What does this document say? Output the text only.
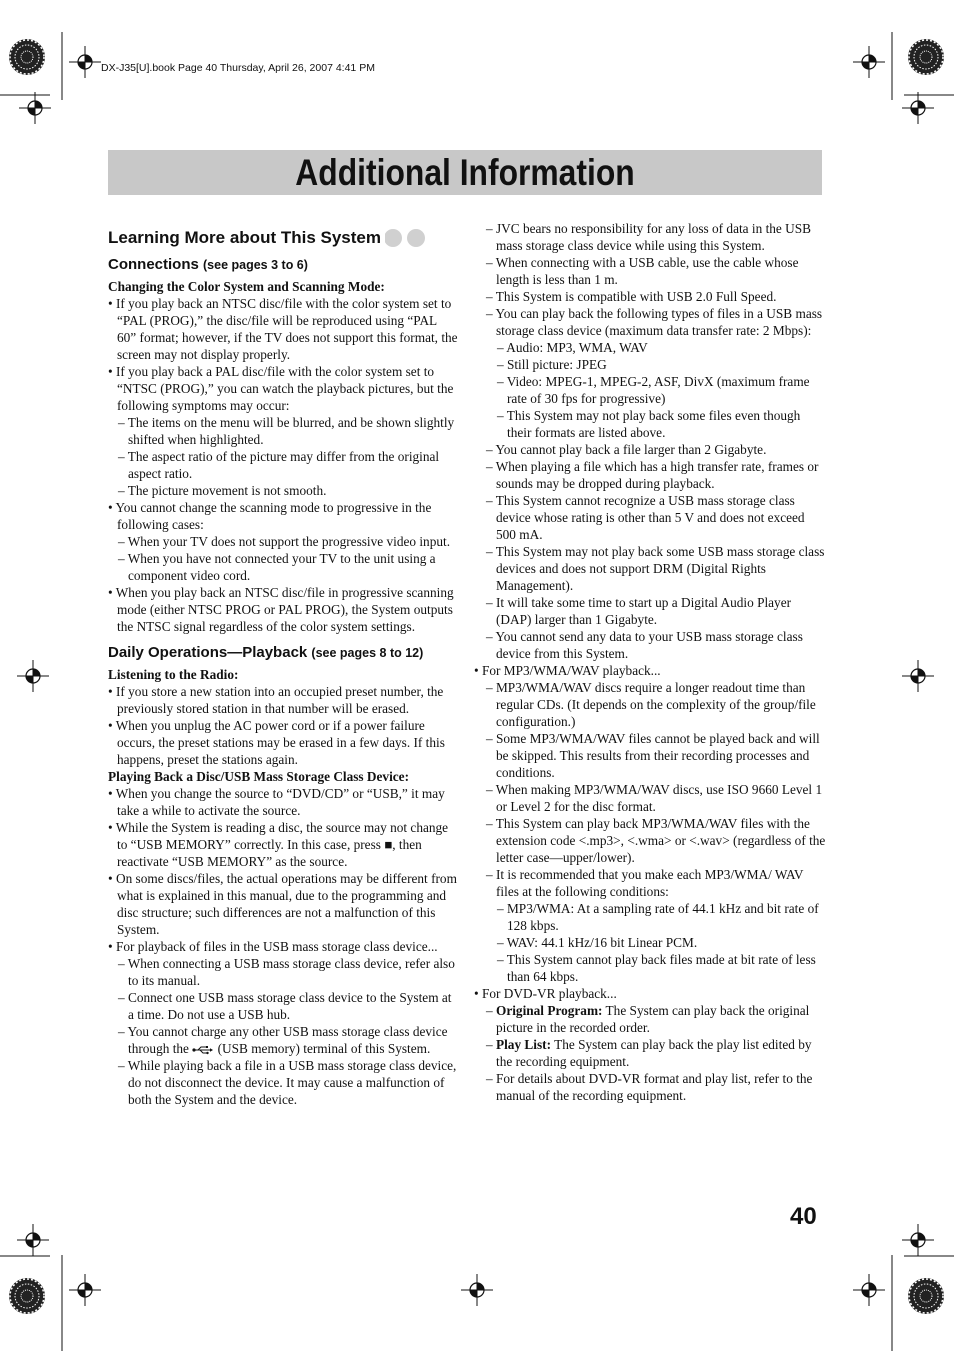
DX-J35[U].book Page 40 Thursday, April 26, 2007 4:41 PM
Additional Information
Learning More about This System
Connections (see pages 3 to 6)
Changing the Color System and Scanning Mode:
• If you play back an NTSC disc/file with the color system set to “PAL (PROG),” the disc/file will be reproduced using “PAL 60” format; however, if the TV does not support this format, the screen may not display properly.
• If you play back a PAL disc/file with the color system set to “NTSC (PROG),” you can watch the playback pictures, but the following symptoms may occur:
– The items on the menu will be blurred, and be shown slightly shifted when highlighted.
– The aspect ratio of the picture may differ from the original aspect ratio.
– The picture movement is not smooth.
• You cannot change the scanning mode to progressive in the following cases:
– When your TV does not support the progressive video input.
– When you have not connected your TV to the unit using a component video cord.
• When you play back an NTSC disc/file in progressive scanning mode (either NTSC PROG or PAL PROG), the System outputs the NTSC signal regardless of the color system settings.
Daily Operations—Playback (see pages 8 to 12)
Listening to the Radio:
• If you store a new station into an occupied preset number, the previously stored station in that number will be erased.
• When you unplug the AC power cord or if a power failure occurs, the preset stations may be erased in a few days. If this happens, preset the stations again.
Playing Back a Disc/USB Mass Storage Class Device:
• When you change the source to “DVD/CD” or “USB,” it may take a while to activate the source.
• While the System is reading a disc, the source may not change to “USB MEMORY” correctly. In this case, press ■, then reactivate “USB MEMORY” as the source.
• On some discs/files, the actual operations may be different from what is explained in this manual, due to the programming and disc structure; such differences are not a malfunction of this System.
• For playback of files in the USB mass storage class device...
– When connecting a USB mass storage class device, refer also to its manual.
– Connect one USB mass storage class device to the System at a time. Do not use a USB hub.
– You cannot charge any other USB mass storage class device through the (USB memory) terminal of this System.
– While playing back a file in a USB mass storage class device, do not disconnect the device. It may cause a malfunction of both the System and the device.
– JVC bears no responsibility for any loss of data in the USB mass storage class device while using this System.
– When connecting with a USB cable, use the cable whose length is less than 1 m.
– This System is compatible with USB 2.0 Full Speed.
– You can play back the following types of files in a USB mass storage class device (maximum data transfer rate: 2 Mbps):
– Audio: MP3, WMA, WAV
– Still picture: JPEG
– Video: MPEG-1, MPEG-2, ASF, DivX (maximum frame rate of 30 fps for progressive)
– This System may not play back some files even though their formats are listed above.
– You cannot play back a file larger than 2 Gigabyte.
– When playing a file which has a high transfer rate, frames or sounds may be dropped during playback.
– This System cannot recognize a USB mass storage class device whose rating is other than 5 V and does not exceed 500 mA.
– This System may not play back some USB mass storage class devices and does not support DRM (Digital Rights Management).
– It will take some time to start up a Digital Audio Player (DAP) larger than 1 Gigabyte.
– You cannot send any data to your USB mass storage class device from this System.
• For MP3/WMA/WAV playback...
– MP3/WMA/WAV discs require a longer readout time than regular CDs. (It depends on the complexity of the group/file configuration.)
– Some MP3/WMA/WAV files cannot be played back and will be skipped. This results from their recording processes and conditions.
– When making MP3/WMA/WAV discs, use ISO 9660 Level 1 or Level 2 for the disc format.
– This System can play back MP3/WMA/WAV files with the extension code <.mp3>, <.wma> or <.wav> (regardless of the letter case—upper/lower).
– It is recommended that you make each MP3/WMA/ WAV files at the following conditions:
– MP3/WMA: At a sampling rate of 44.1 kHz and bit rate of 128 kbps.
– WAV: 44.1 kHz/16 bit Linear PCM.
– This System cannot play back files made at bit rate of less than 64 kbps.
• For DVD-VR playback...
– Original Program: The System can play back the original picture in the recorded order.
– Play List: The System can play back the play list edited by the recording equipment.
– For details about DVD-VR format and play list, refer to the manual of the recording equipment.
40
